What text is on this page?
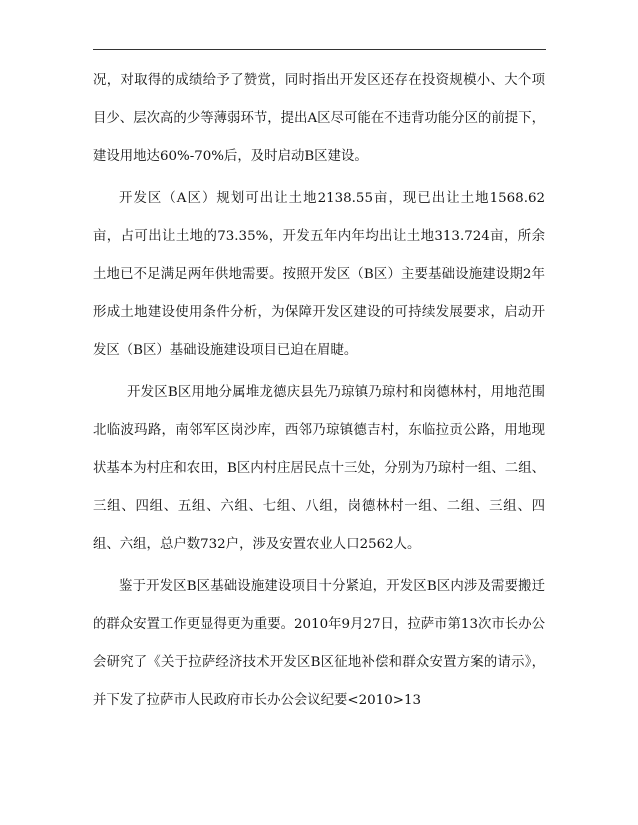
况，对取得的成绩给予了赞赏，同时指出开发区还存在投资规模小、大个项目少、层次高的少等薄弱环节，提出A区尽可能在不违背功能分区的前提下，建设用地达60%-70%后，及时启动B区建设。

开发区（A区）规划可出让土地2138.55亩，现已出让土地1568.62亩，占可出让土地的73.35%，开发五年内年均出让土地313.724亩，所余土地已不足满足两年供地需要。按照开发区（B区）主要基础设施建设期2年形成土地建设使用条件分析，为保障开发区建设的可持续发展要求，启动开发区（B区）基础设施建设项目已迫在眉睫。

开发区B区用地分属堆龙德庆县先乃琼镇乃琼村和岗德林村，用地范围北临波玛路，南邻军区岗沙库，西邻乃琼镇德吉村，东临拉贡公路，用地现状基本为村庄和农田，B区内村庄居民点十三处，分别为乃琼村一组、二组、三组、四组、五组、六组、七组、八组，岗德林村一组、二组、三组、四组、六组，总户数732户，涉及安置农业人口2562人。

鉴于开发区B区基础设施建设项目十分紧迫，开发区B区内涉及需要搬迁的群众安置工作更显得更为重要。2010年9月27日，拉萨市第13次市长办公会研究了《关于拉萨经济技术开发区B区征地补偿和群众安置方案的请示》，并下发了拉萨市人民政府市长办公会议纪要<2010>13
